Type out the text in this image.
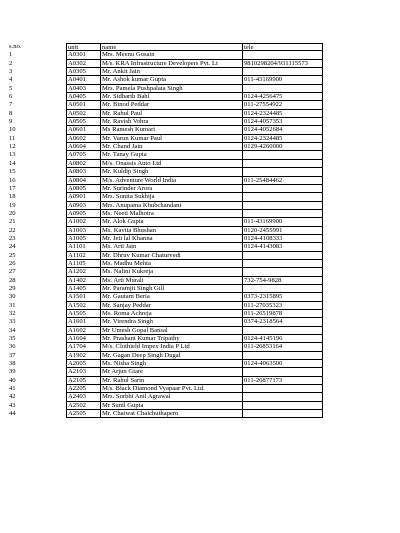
s.no.	unit	name	tele
1	A0301	Mrs. Meenu Gosain
2	A0302	M/s. KRA Infrastructure Developers Pvt. Lt	9810298204/931115573
3	A0305	Mr. Ankit Jain
4	A0401	Mr. Ashok kumar Gupta	011-43169900
5	A0403	Mrs. Pamela Pushpalata Singh
6	A0405	Mr. Sidharth Bahl	0124-4256475
7	A0501	Mr. Binod Peddar	011-27554922
8	A0502	Mr. Rahul Paul	0124-2324485
9	A0505	Mr. Ravish Vohra	0124-4057353
10	A0601	Ms Ramesh Kumari	0124-4052684
11	A0602	Mr. Varun Kumar Paul	0124-2324485
12	A0604	Mr. Chand Jain	0129-4260000
13	A0705	Mr. Tanay Gupta
14	A0802	M/s. Onassis Auto Ltd
15	A0803	Mr. Kuldip Singh
16	A0804	M/s. Adventure World India	011-25484462
17	A0805	Mr. Surinder Arora
18	A0901	Mrs. Sunita Sukhija
19	A0903	Mrs. Anupama Khubchandani
20	A0905	Ms. Neeti Malhotra
21	A1002	Mr. Alok Gupta	011-43169900
22	A1003	Ms. Kavita Bhushan	0120-2455991
23	A1005	Mr. Jeti lal Khanna	0124-4108333
24	A1101	Ms. Arti Jain	0124-4143083
25	A1102	Mr. Dhruv Kumar Chaturvedi
26	A1105	Ms. Madhu Mehta
27	A1202	Ms. Nalini Kukreja
28	A1402	Ms. Arti Murali	732-754-9828
29	A1405	Mr. Paramjit Singh Gill
30	A1501	Mr. Gautam Beria	0373-2315895
31	A1502	Mr. Sanjay Peddar	011-27035323
32	A1505	Ms. Roma Achreja	011-26519878
33	A1601	Mr. Virendra Singh	0374-2318564
34	A1602	Mr Umesh Gopal Bansal
35	A1604	Mr. Prashant Kumar Tripathy	0124-4145196
36	A1704	M/s. Clothield Impex India P Ltd	011-26853164
37	A1902	Mr. Gagan Deep Singh Dugal
38	A2005	Ms. Nisha Singh	0124-4063500
39	A2103	Mr Arjun Giare
40	A2105	Mr. Rahul Sarin	011-26877173
41	A2205	M/s. Black Diamond Vyapaar Pvt. Ltd.
42	A2403	Mrs. Surbhi Anil Agrawal
43	A2502	Mr Sunil Gupta
44	A2505	Mr. Chaiwat Chaichuthapern
